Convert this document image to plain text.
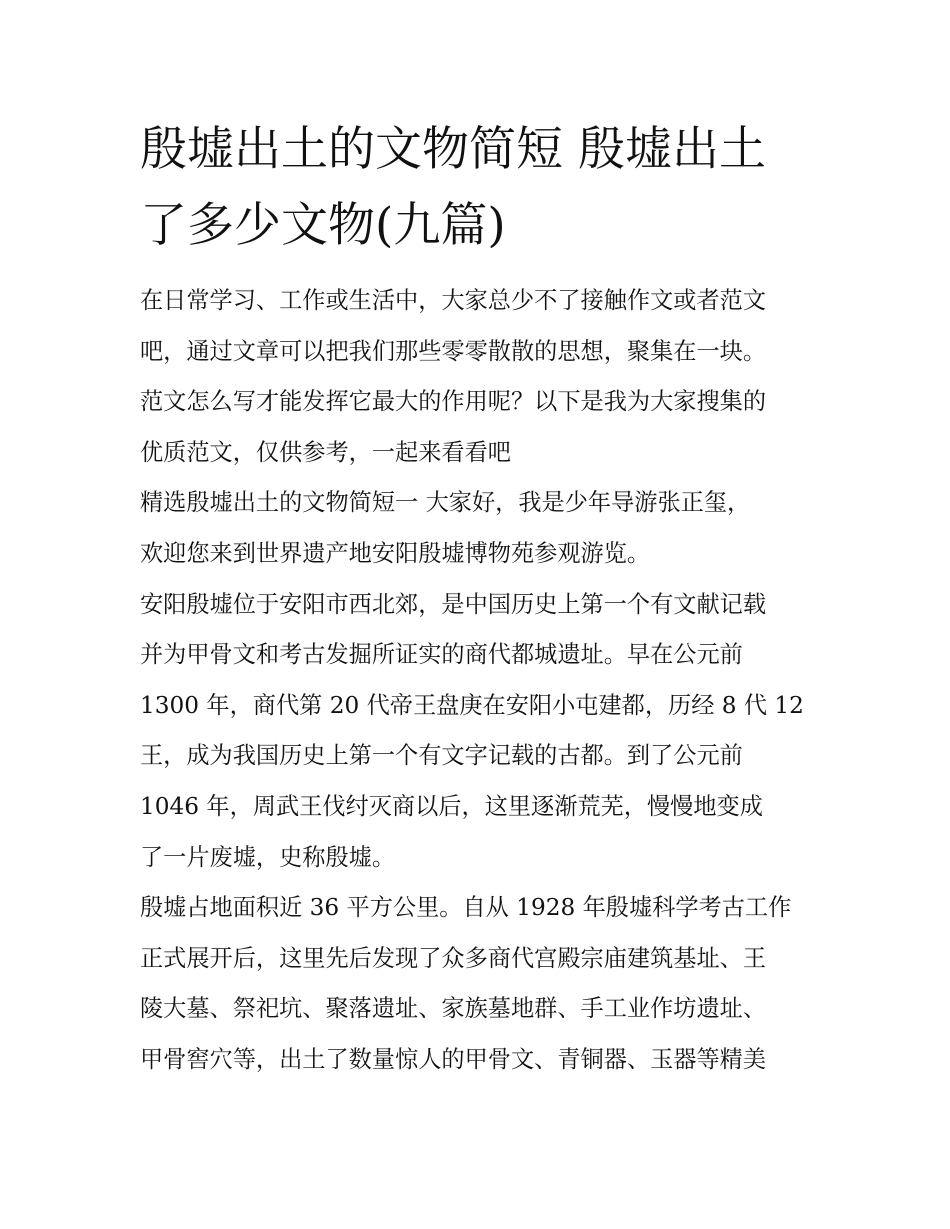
殷墟出土的文物简短 殷墟出土
了多少文物(九篇)

在日常学习、工作或生活中，大家总少不了接触作文或者范文
吧，通过文章可以把我们那些零零散散的思想，聚集在一块。
范文怎么写才能发挥它最大的作用呢？以下是我为大家搜集的
优质范文，仅供参考，一起来看看吧

精选殷墟出土的文物简短一 大家好，我是少年导游张正玺，
欢迎您来到世界遗产地安阳殷墟博物苑参观游览。

安阳殷墟位于安阳市西北郊，是中国历史上第一个有文献记载
并为甲骨文和考古发掘所证实的商代都城遗址。早在公元前
1300 年，商代第 20 代帝王盘庚在安阳小屯建都，历经 8 代 12
王，成为我国历史上第一个有文字记载的古都。到了公元前
1046 年，周武王伐纣灭商以后，这里逐渐荒芜，慢慢地变成
了一片废墟，史称殷墟。

殷墟占地面积近 36 平方公里。自从 1928 年殷墟科学考古工作
正式展开后，这里先后发现了众多商代宫殿宗庙建筑基址、王
陵大墓、祭祀坑、聚落遗址、家族墓地群、手工业作坊遗址、
甲骨窖穴等，出土了数量惊人的甲骨文、青铜器、玉器等精美
